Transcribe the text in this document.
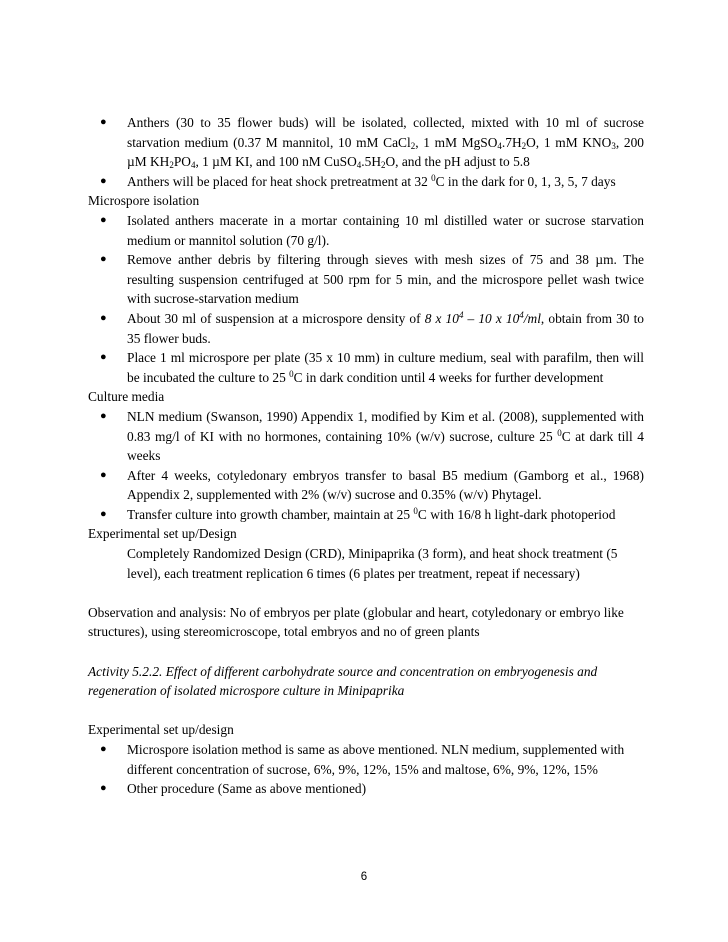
● Anthers (30 to 35 flower buds) will be isolated, collected, mixted with 10 ml of sucrose starvation medium (0.37 M mannitol, 10 mM CaCl$_2$, 1 mM $MgSO_4.7H_2O$, 1 mM $KNO_3$, 200 µM $KH_2PO_4$, 1 µM KI, and 100 nM $CuSO_4.5H_2O$, and the pH adjust to 5.8
● Anthers will be placed for heat shock pretreatment at 32 $^0$C in the dark for 0, 1, 3, 5, 7 days
Microspore isolation
● Isolated anthers macerate in a mortar containing 10 ml distilled water or sucrose starvation medium or mannitol solution (70 g/l).
● Remove anther debris by filtering through sieves with mesh sizes of 75 and 38 µm. The resulting suspension centrifuged at 500 rpm for 5 min, and the microspore pellet wash twice with sucrose-starvation medium
● About 30 ml of suspension at a microspore density of 8 x $10^4 - 10$ x $10^4/ml$, obtain from 30 to 35 flower buds.
● Place 1 ml microspore per plate (35 x 10 mm) in culture medium, seal with parafilm, then will be incubated the culture to 25 $^0$C in dark condition until 4 weeks for further development
Culture media
● NLN medium (Swanson, 1990) Appendix 1, modified by Kim et al. (2008), supplemented with 0.83 mg/l of KI with no hormones, containing 10% (w/v) sucrose, culture 25 $^0$C at dark till 4 weeks
● After 4 weeks, cotyledonary embryos transfer to basal B5 medium (Gamborg et al., 1968) Appendix 2, supplemented with 2% (w/v) sucrose and 0.35% (w/v) Phytagel.
● Transfer culture into growth chamber, maintain at 25 $^0$C with 16/8 h light-dark photoperiod
Experimental set up/Design
Completely Randomized Design (CRD), Minipaprika (3 form), and heat shock treatment (5 level), each treatment replication 6 times (6 plates per treatment, repeat if necessary)
Observation and analysis: No of embryos per plate (globular and heart, cotyledonary or embryo like structures), using stereomicroscope, total embryos and no of green plants
Activity 5.2.2. Effect of different carbohydrate source and concentration on embryogenesis and regeneration of isolated microspore culture in Minipaprika
Experimental set up/design
● Microspore isolation method is same as above mentioned. NLN medium, supplemented with different concentration of sucrose, 6%, 9%, 12%, 15% and maltose, 6%, 9%, 12%, 15%
● Other procedure (Same as above mentioned)
6
